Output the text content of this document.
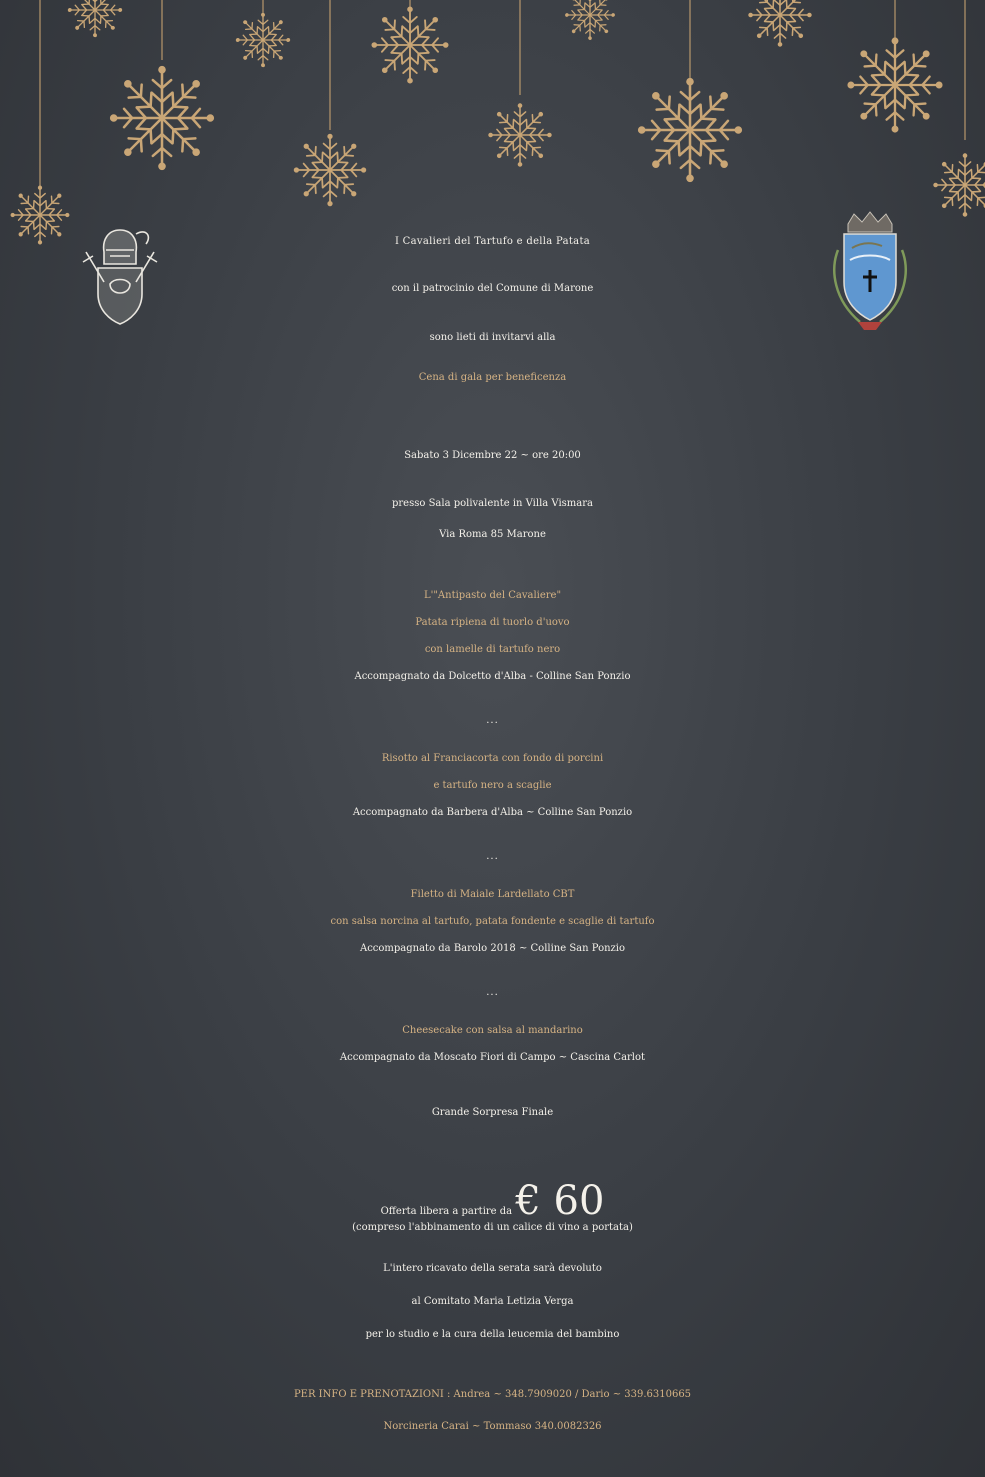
I Cavalieri del Tartufo e della Patata
con il patrocinio del Comune di Marone
sono lieti di invitarvi alla
Cena di gala per beneficenza
Sabato 3 Dicembre 22 ~ ore 20:00
presso Sala polivalente in Villa Vismara
Via Roma 85 Marone
L'"Antipasto del Cavaliere"
Patata ripiena di tuorlo d'uovo
con lamelle di tartufo nero
Accompagnato da Dolcetto d'Alba - Colline San Ponzio
...
Risotto al Franciacorta con fondo di porcini
e tartufo nero a scaglie
Accompagnato da Barbera d'Alba ~ Colline San Ponzio
...
Filetto di Maiale Lardellato CBT
con salsa norcina al tartufo, patata fondente e scaglie di tartufo
Accompagnato da Barolo 2018 ~ Colline San Ponzio
...
Cheesecake con salsa al mandarino
Accompagnato da Moscato Fiori di Campo ~ Cascina Carlot
Grande Sorpresa Finale
Offerta libera a partire da € 60
(compreso l'abbinamento di un calice di vino a portata)
L'intero ricavato della serata sarà devoluto
al Comitato Maria Letizia Verga
per lo studio e la cura della leucemia del bambino
PER INFO E PRENOTAZIONI : Andrea ~ 348.7909020 / Dario ~ 339.6310665
Norcineria Carai ~ Tommaso 340.0082326
